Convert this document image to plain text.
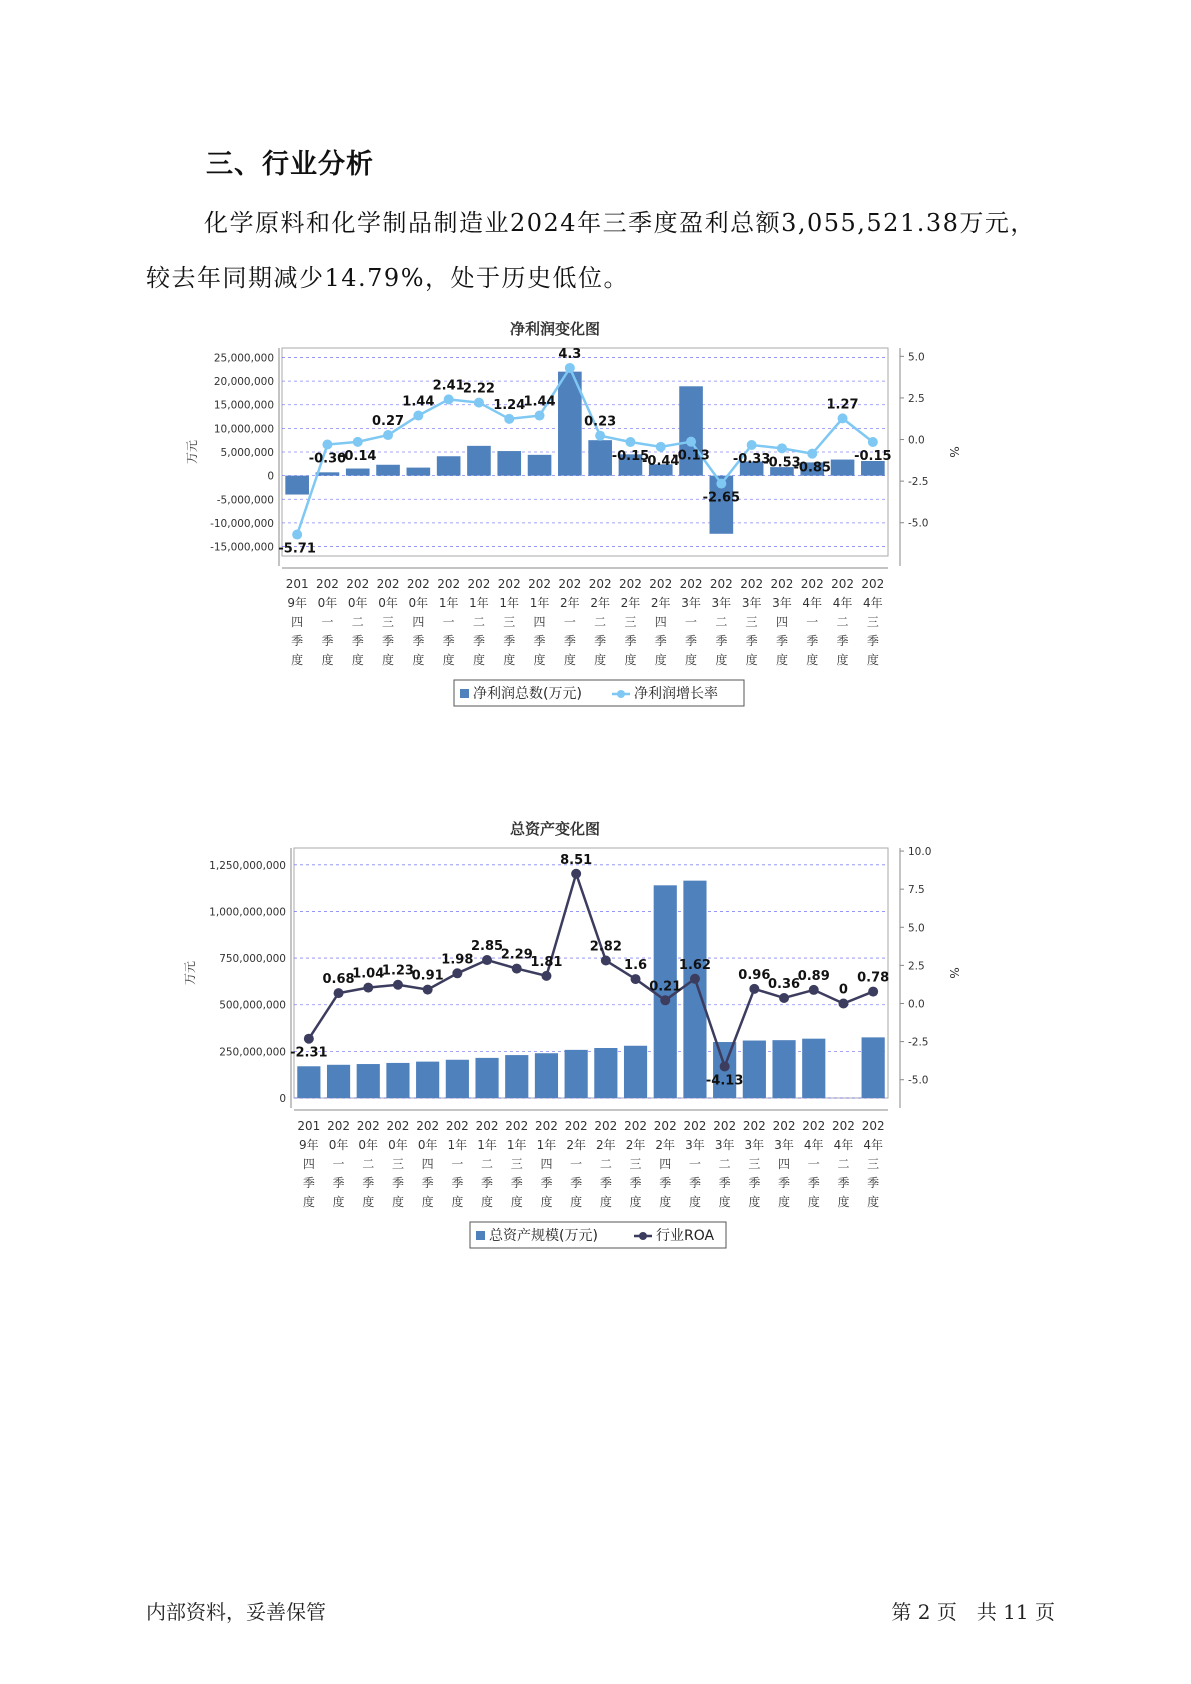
三、行业分析
化学原料和化学制品制造业2024年三季度盈利总额3,055,521.38万元，较去年同期减少14.79%，处于历史低位。
净利润变化图
-15,000,000
-10,000,000
-5,000,000
0
5,000,000
10,000,000
15,000,000
20,000,000
25,000,000
万元
-5.0
-2.5
0.0
2.5
5.0
%
-5.71
-0.30
-0.14
0.27
1.44
2.41
2.22
1.24
1.44
4.3
0.23
-0.15
-0.44
-0.13
-2.65
-0.33
-0.53
-0.85
1.27
-0.15
201 9年四季度
202 0年一季度
202 0年二季度
202 0年三季度
202 0年四季度
202 1年一季度
202 1年二季度
202 1年三季度
202 1年四季度
202 2年一季度
202 2年二季度
202 2年三季度
202 2年四季度
202 3年一季度
202 3年二季度
202 3年三季度
202 3年四季度
202 4年一季度
202 4年二季度
202 4年三季度
净利润总数(万元)	净利润增长率
总资产变化图
0
250,000,000
500,000,000
750,000,000
1,000,000,000
1,250,000,000
万元
-5.0
-2.5
0.0
2.5
5.0
7.5
10.0
%
-2.31
0.68
1.04
1.23
0.91
1.98
2.85
2.29
1.81
8.51
2.82
1.6
0.21
1.62
-4.13
0.96
0.36
0.89
0
0.78
201 9年四季度
202 0年一季度
202 0年二季度
202 0年三季度
202 0年四季度
202 1年一季度
202 1年二季度
202 1年三季度
202 1年四季度
202 2年一季度
202 2年二季度
202 2年三季度
202 2年四季度
202 3年一季度
202 3年二季度
202 3年三季度
202 3年四季度
202 4年一季度
202 4年二季度
202 4年三季度
总资产规模(万元)	行业ROA
内部资料，妥善保管	第 2 页　共 11 页
